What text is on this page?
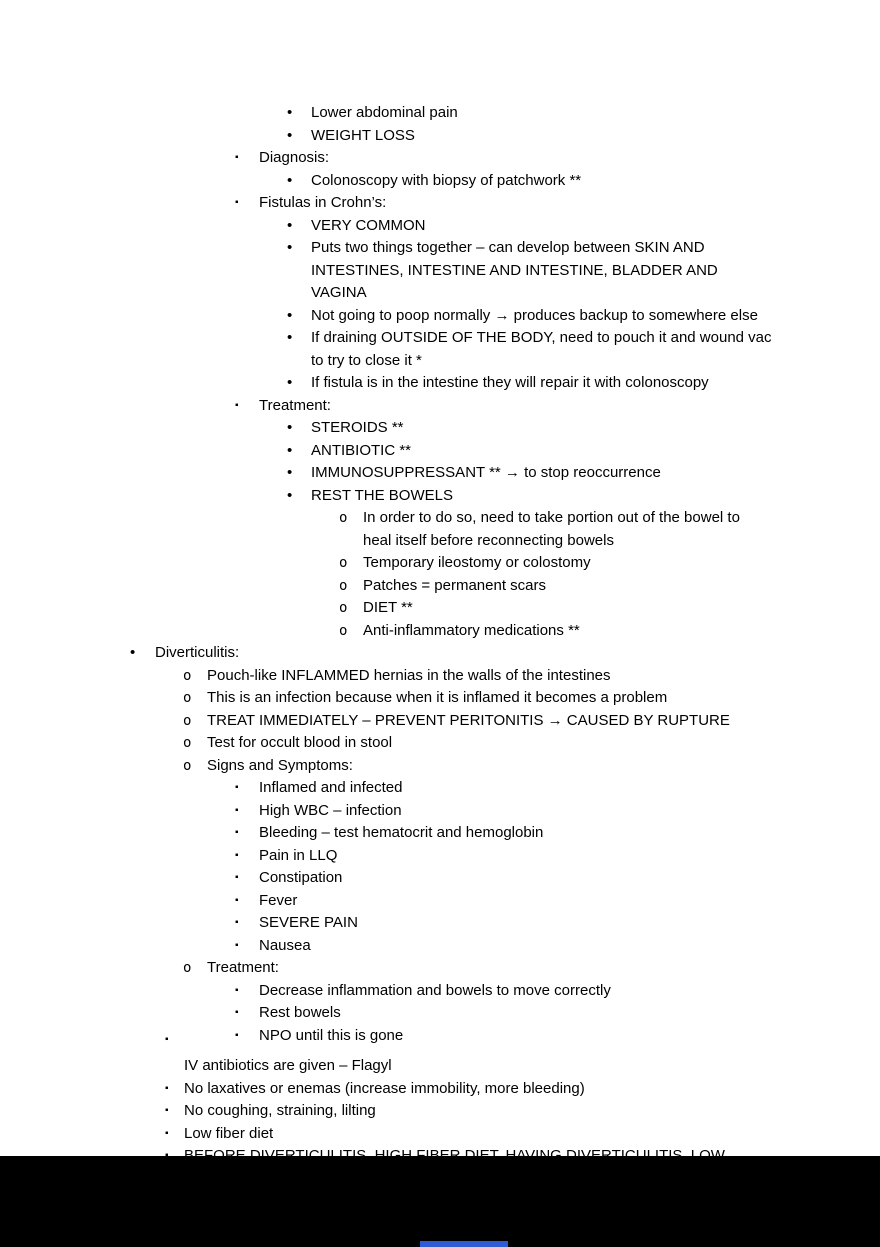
•	Lower abdominal pain
•	WEIGHT LOSS
▪	Diagnosis:
•	Colonoscopy with biopsy of patchwork **
▪	Fistulas in Crohn’s:
•	VERY COMMON
•	Puts two things together – can develop between SKIN AND INTESTINES, INTESTINE AND INTESTINE, BLADDER AND VAGINA
•	Not going to poop normally → produces backup to somewhere else
•	If draining OUTSIDE OF THE BODY, need to pouch it and wound vac to try to close it *
•	If fistula is in the intestine they will repair it with colonoscopy
▪	Treatment:
•	STEROIDS **
•	ANTIBIOTIC **
•	IMMUNOSUPPRESSANT ** → to stop reoccurrence
•	REST THE BOWELS
o	In order to do so, need to take portion out of the bowel to heal itself before reconnecting bowels
o	Temporary ileostomy or colostomy
o	Patches = permanent scars
o	DIET **
o	Anti-inflammatory medications **
•	Diverticulitis:
o	Pouch-like INFLAMMED hernias in the walls of the intestines
o	This is an infection because when it is inflamed it becomes a problem
o	TREAT IMMEDIATELY – PREVENT PERITONITIS → CAUSED BY RUPTURE
o	Test for occult blood in stool
o	Signs and Symptoms:
▪	Inflamed and infected
▪	High WBC – infection
▪	Bleeding – test hematocrit and hemoglobin
▪	Pain in LLQ
▪	Constipation
▪	Fever
▪	SEVERE PAIN
▪	Nausea
o	Treatment:
▪	Decrease inflammation and bowels to move correctly
▪	Rest bowels
▪	NPO until this is gone
▪
IV antibiotics are given – Flagyl
▪	No laxatives or enemas (increase immobility, more bleeding)
▪	No coughing, straining, lilting
▪	Low fiber diet
